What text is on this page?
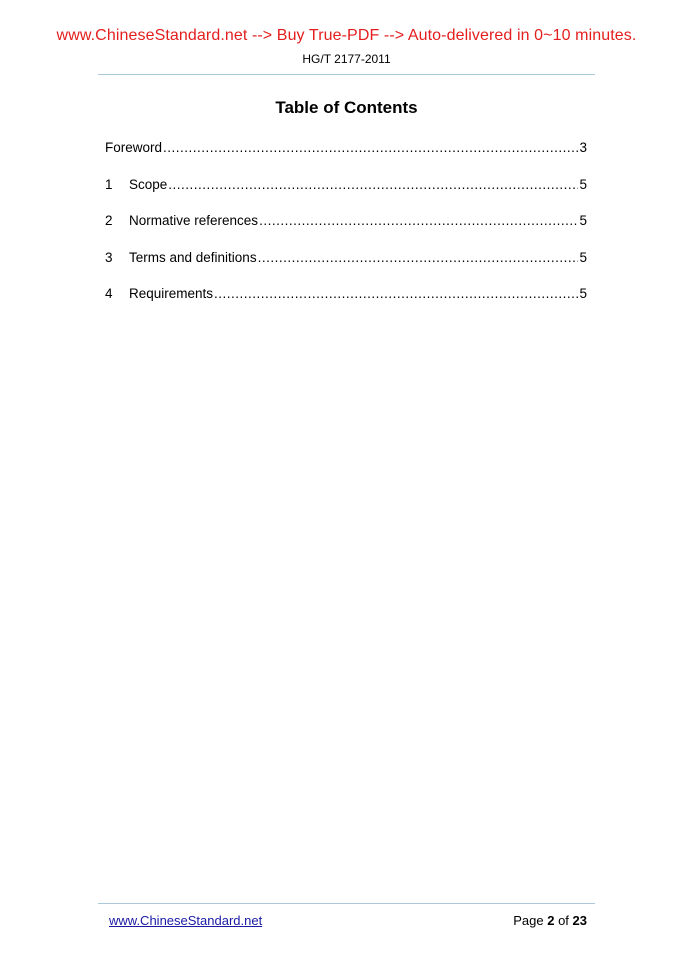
www.ChineseStandard.net --> Buy True-PDF --> Auto-delivered in 0~10 minutes.
HG/T 2177-2011
Table of Contents
Foreword .....	3
1	Scope .....	5
2	Normative references .....	5
3	Terms and definitions .....	5
4	Requirements .....	5
www.ChineseStandard.net	Page 2 of 23
